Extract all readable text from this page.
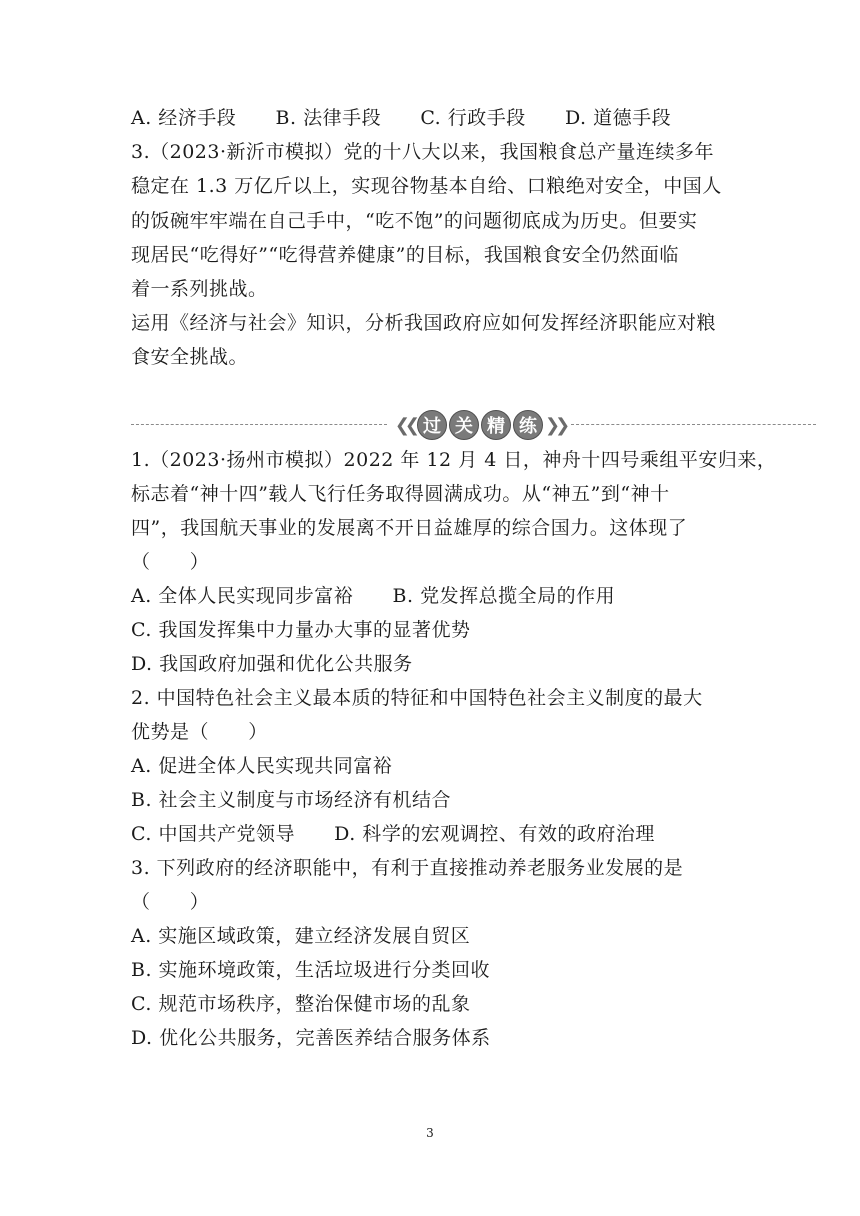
A. 经济手段      B. 法律手段      C. 行政手段      D. 道德手段
3.（2023·新沂市模拟）党的十八大以来，我国粮食总产量连续多年
稳定在 1.3 万亿斤以上，实现谷物基本自给、口粮绝对安全，中国人
的饭碗牢牢端在自己手中，“吃不饱”的问题彻底成为历史。但要实
现居民“吃得好”“吃得营养健康”的目标，我国粮食安全仍然面临
着一系列挑战。
运用《经济与社会》知识，分析我国政府应如何发挥经济职能应对粮
食安全挑战。
❮❮ 过 关 精 练 ❯❯
1.（2023·扬州市模拟）2022 年 12 月 4 日，神舟十四号乘组平安归来，
标志着“神十四”载人飞行任务取得圆满成功。从“神五”到“神十
四”，我国航天事业的发展离不开日益雄厚的综合国力。这体现了
（      ）
A. 全体人民实现同步富裕      B. 党发挥总揽全局的作用
C. 我国发挥集中力量办大事的显著优势
D. 我国政府加强和优化公共服务
2. 中国特色社会主义最本质的特征和中国特色社会主义制度的最大
优势是（      ）
A. 促进全体人民实现共同富裕
B. 社会主义制度与市场经济有机结合
C. 中国共产党领导      D. 科学的宏观调控、有效的政府治理
3. 下列政府的经济职能中，有利于直接推动养老服务业发展的是
（      ）
A. 实施区域政策，建立经济发展自贸区
B. 实施环境政策，生活垃圾进行分类回收
C. 规范市场秩序，整治保健市场的乱象
D. 优化公共服务，完善医养结合服务体系
3
